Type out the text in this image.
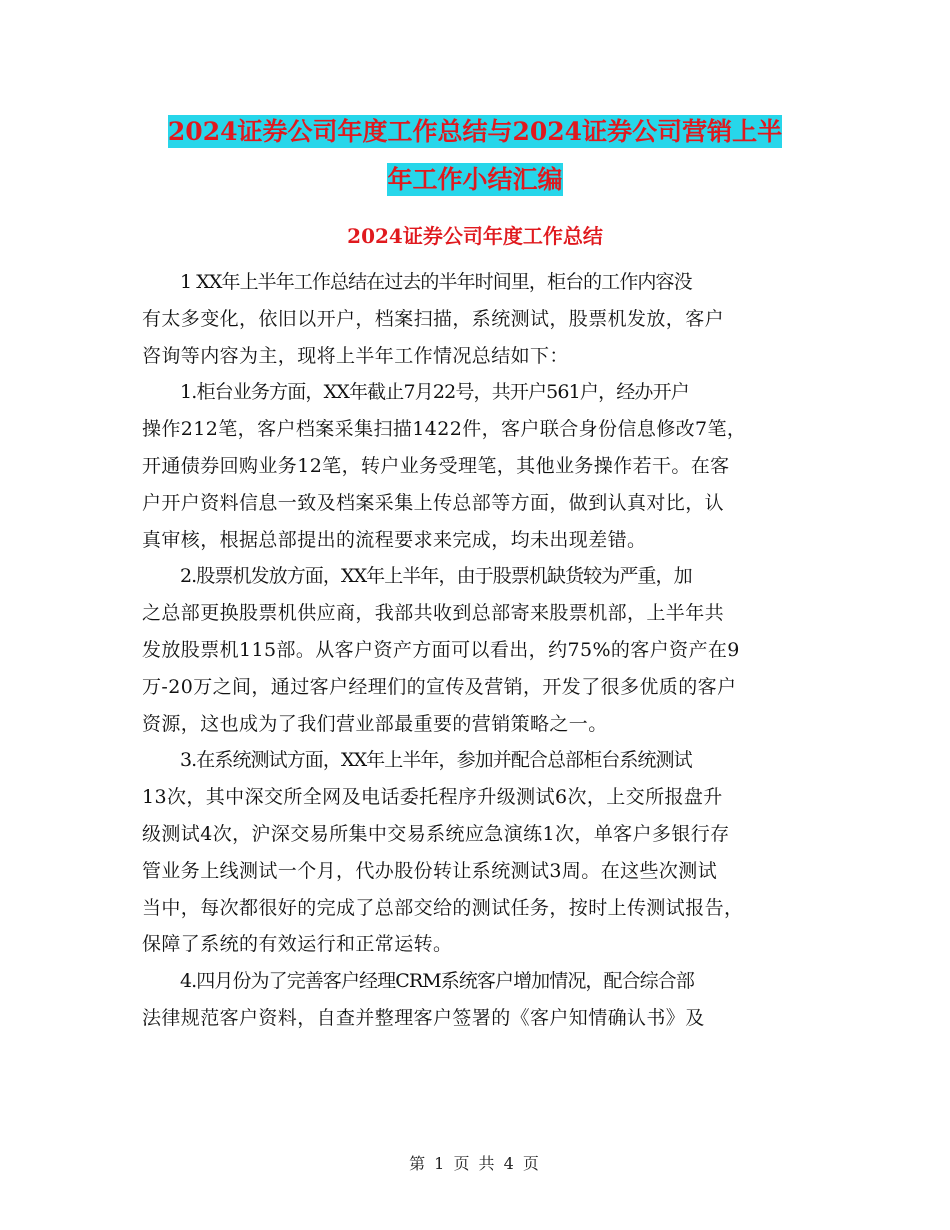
2024证券公司年度工作总结与2024证券公司营销上半
年工作小结汇编
2024证券公司年度工作总结

1 XX年上半年工作总结在过去的半年时间里，柜台的工作内容没
有太多变化，依旧以开户，档案扫描，系统测试，股票机发放，客户
咨询等内容为主，现将上半年工作情况总结如下：

1.柜台业务方面，XX年截止7月22号，共开户561户，经办开户
操作212笔，客户档案采集扫描1422件，客户联合身份信息修改7笔，
开通债券回购业务12笔，转户业务受理笔，其他业务操作若干。在客
户开户资料信息一致及档案采集上传总部等方面，做到认真对比，认
真审核，根据总部提出的流程要求来完成，均未出现差错。

2.股票机发放方面，XX年上半年，由于股票机缺货较为严重，加
之总部更换股票机供应商，我部共收到总部寄来股票机部，上半年共
发放股票机115部。从客户资产方面可以看出，约75%的客户资产在9
万-20万之间，通过客户经理们的宣传及营销，开发了很多优质的客户
资源，这也成为了我们营业部最重要的营销策略之一。

3.在系统测试方面，XX年上半年，参加并配合总部柜台系统测试
13次，其中深交所全网及电话委托程序升级测试6次，上交所报盘升
级测试4次，沪深交易所集中交易系统应急演练1次，单客户多银行存
管业务上线测试一个月，代办股份转让系统测试3周。在这些次测试
当中，每次都很好的完成了总部交给的测试任务，按时上传测试报告，
保障了系统的有效运行和正常运转。

4.四月份为了完善客户经理CRM系统客户增加情况，配合综合部
法律规范客户资料，自查并整理客户签署的《客户知情确认书》及

第 1 页 共 4 页
